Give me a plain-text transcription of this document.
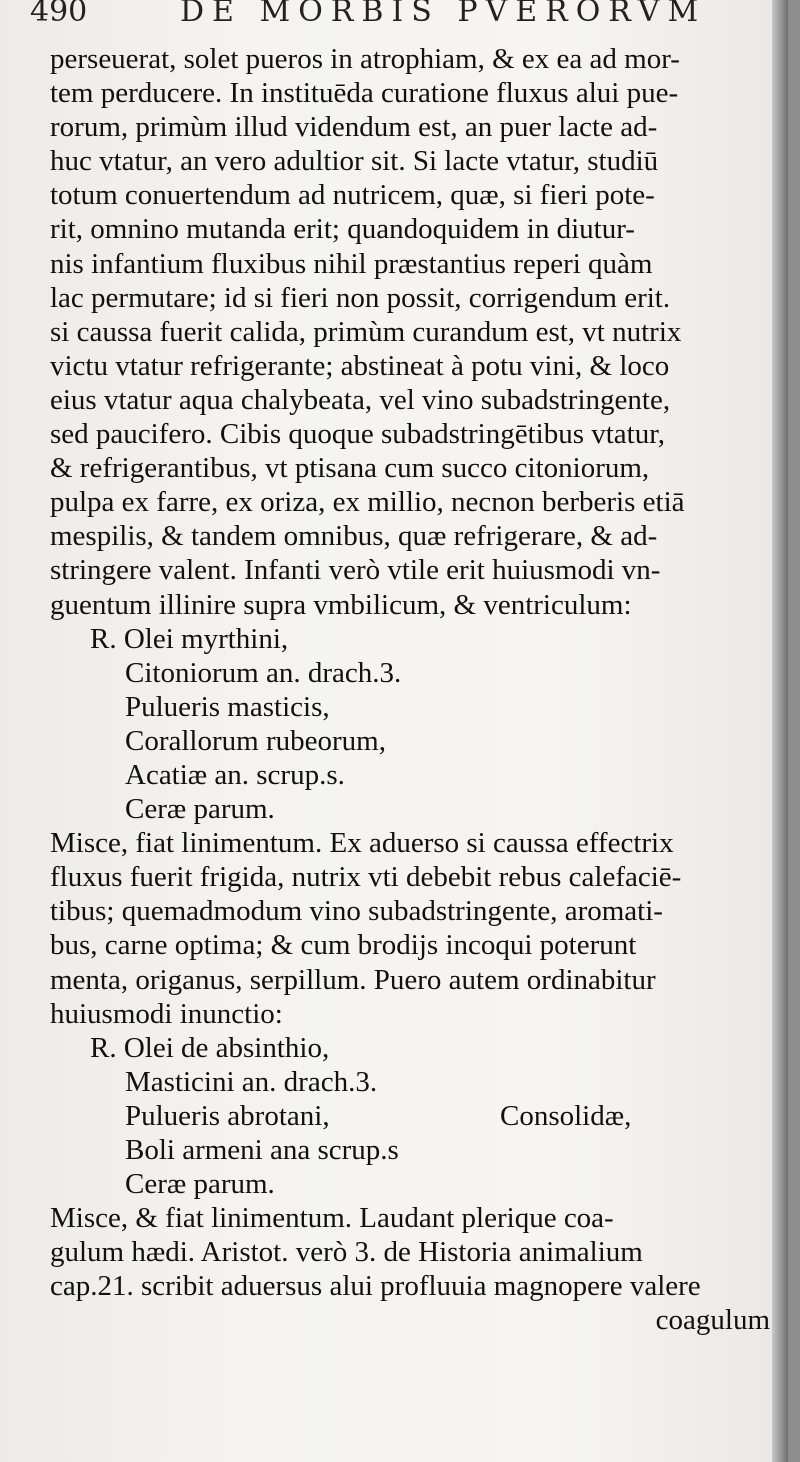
490	DE MORBIS PVERORVM
perseuerat, solet pueros in atrophiam, & ex ea ad mor-
tem perducere. In instituēda curatione fluxus alui pue-
rorum, primùm illud videndum est, an puer lacte ad-
huc vtatur, an vero adultior sit. Si lacte vtatur, studiū
totum conuertendum ad nutricem, quæ, si fieri pote-
rit, omnino mutanda erit; quandoquidem in diutur-
nis infantium fluxibus nihil præstantius reperi quàm
lac permutare; id si fieri non possit, corrigendum erit.
si caussa fuerit calida, primùm curandum est, vt nutrix
victu vtatur refrigerante; abstineat à potu vini, & loco
eius vtatur aqua chalybeata, vel vino subadstringente,
sed paucifero. Cibis quoque subadstringētibus vtatur,
& refrigerantibus, vt ptisana cum succo citoniorum,
pulpa ex farre, ex oriza, ex millio, necnon berberis etiā
mespilis, & tandem omnibus, quæ refrigerare, & ad-
stringere valent. Infanti verò vtile erit huiusmodi vn-
guentum illinire supra vmbilicum, & ventriculum:
R. Olei myrthini,
Citoniorum an. drach.3.
Pulueris masticis,
Corallorum rubeorum,
Acatiæ an. scrup.s.
Ceræ parum.
Misce, fiat linimentum. Ex aduerso si caussa effectrix
fluxus fuerit frigida, nutrix vti debebit rebus calefaciē-
tibus; quemadmodum vino subadstringente, aromati-
bus, carne optima; & cum brodijs incoqui poterunt
menta, origanus, serpillum. Puero autem ordinabitur
huiusmodi inunctio:
R. Olei de absinthio,
Masticini an. drach.3.
Pulueris abrotani,	Consolidæ,
Boli armeni ana scrup.s
Ceræ parum.
Misce, & fiat linimentum. Laudant plerique coa-
gulum hædi. Aristot. verò 3. de Historia animalium
cap.21. scribit aduersus alui profluuia magnopere valere
coagulum
